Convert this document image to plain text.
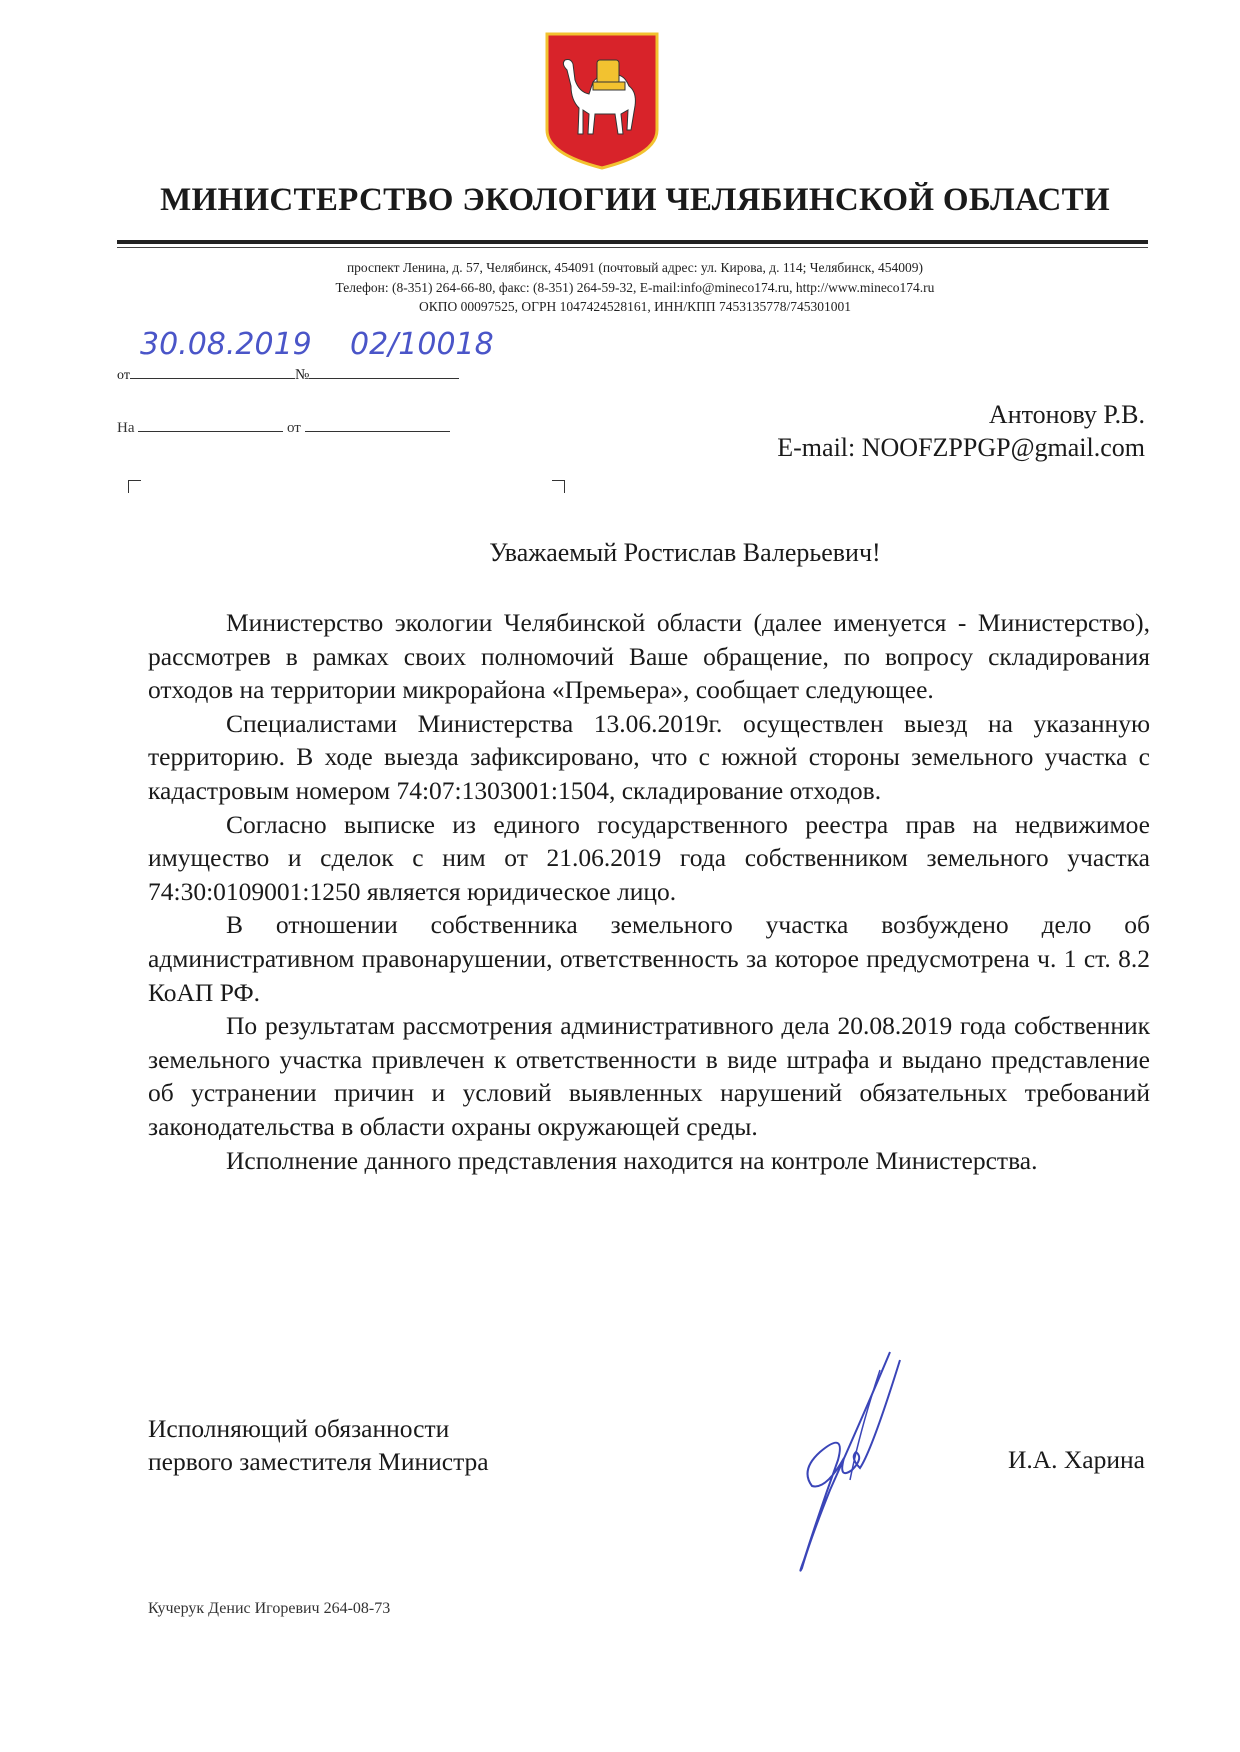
МИНИСТЕРСТВО ЭКОЛОГИИ ЧЕЛЯБИНСКОЙ ОБЛАСТИ
проспект Ленина, д. 57, Челябинск, 454091 (почтовый адрес: ул. Кирова, д. 114; Челябинск, 454009)
Телефон: (8-351) 264-66-80, факс: (8-351) 264-59-32, E-mail:info@mineco174.ru, http://www.mineco174.ru
ОКПО 00097525, ОГРН 1047424528161, ИНН/КПП 7453135778/745301001
от	№
30.08.2019 02/10018
На	от	Антонову Р.В.
E-mail: NOOFZPPGP@gmail.com
Уважаемый Ростислав Валерьевич!

Министерство экологии Челябинской области (далее именуется - Министерство), рассмотрев в рамках своих полномочий Ваше обращение, по вопросу складирования отходов на территории микрорайона «Премьера», сообщает следующее.

Специалистами Министерства 13.06.2019г. осуществлен выезд на указанную территорию. В ходе выезда зафиксировано, что с южной стороны земельного участка с кадастровым номером 74:07:1303001:1504, складирование отходов.

Согласно выписке из единого государственного реестра прав на недвижимое имущество и сделок с ним от 21.06.2019 года собственником земельного участка 74:30:0109001:1250 является юридическое лицо.

В отношении собственника земельного участка возбуждено дело об административном правонарушении, ответственность за которое предусмотрена ч. 1 ст. 8.2 КоАП РФ.

По результатам рассмотрения административного дела 20.08.2019 года собственник земельного участка привлечен к ответственности в виде штрафа и выдано представление об устранении причин и условий выявленных нарушений обязательных требований законодательства в области охраны окружающей среды.

Исполнение данного представления находится на контроле Министерства.

Исполняющий обязанности
первого заместителя Министра	И.А. Харина
Кучерук Денис Игоревич 264-08-73
